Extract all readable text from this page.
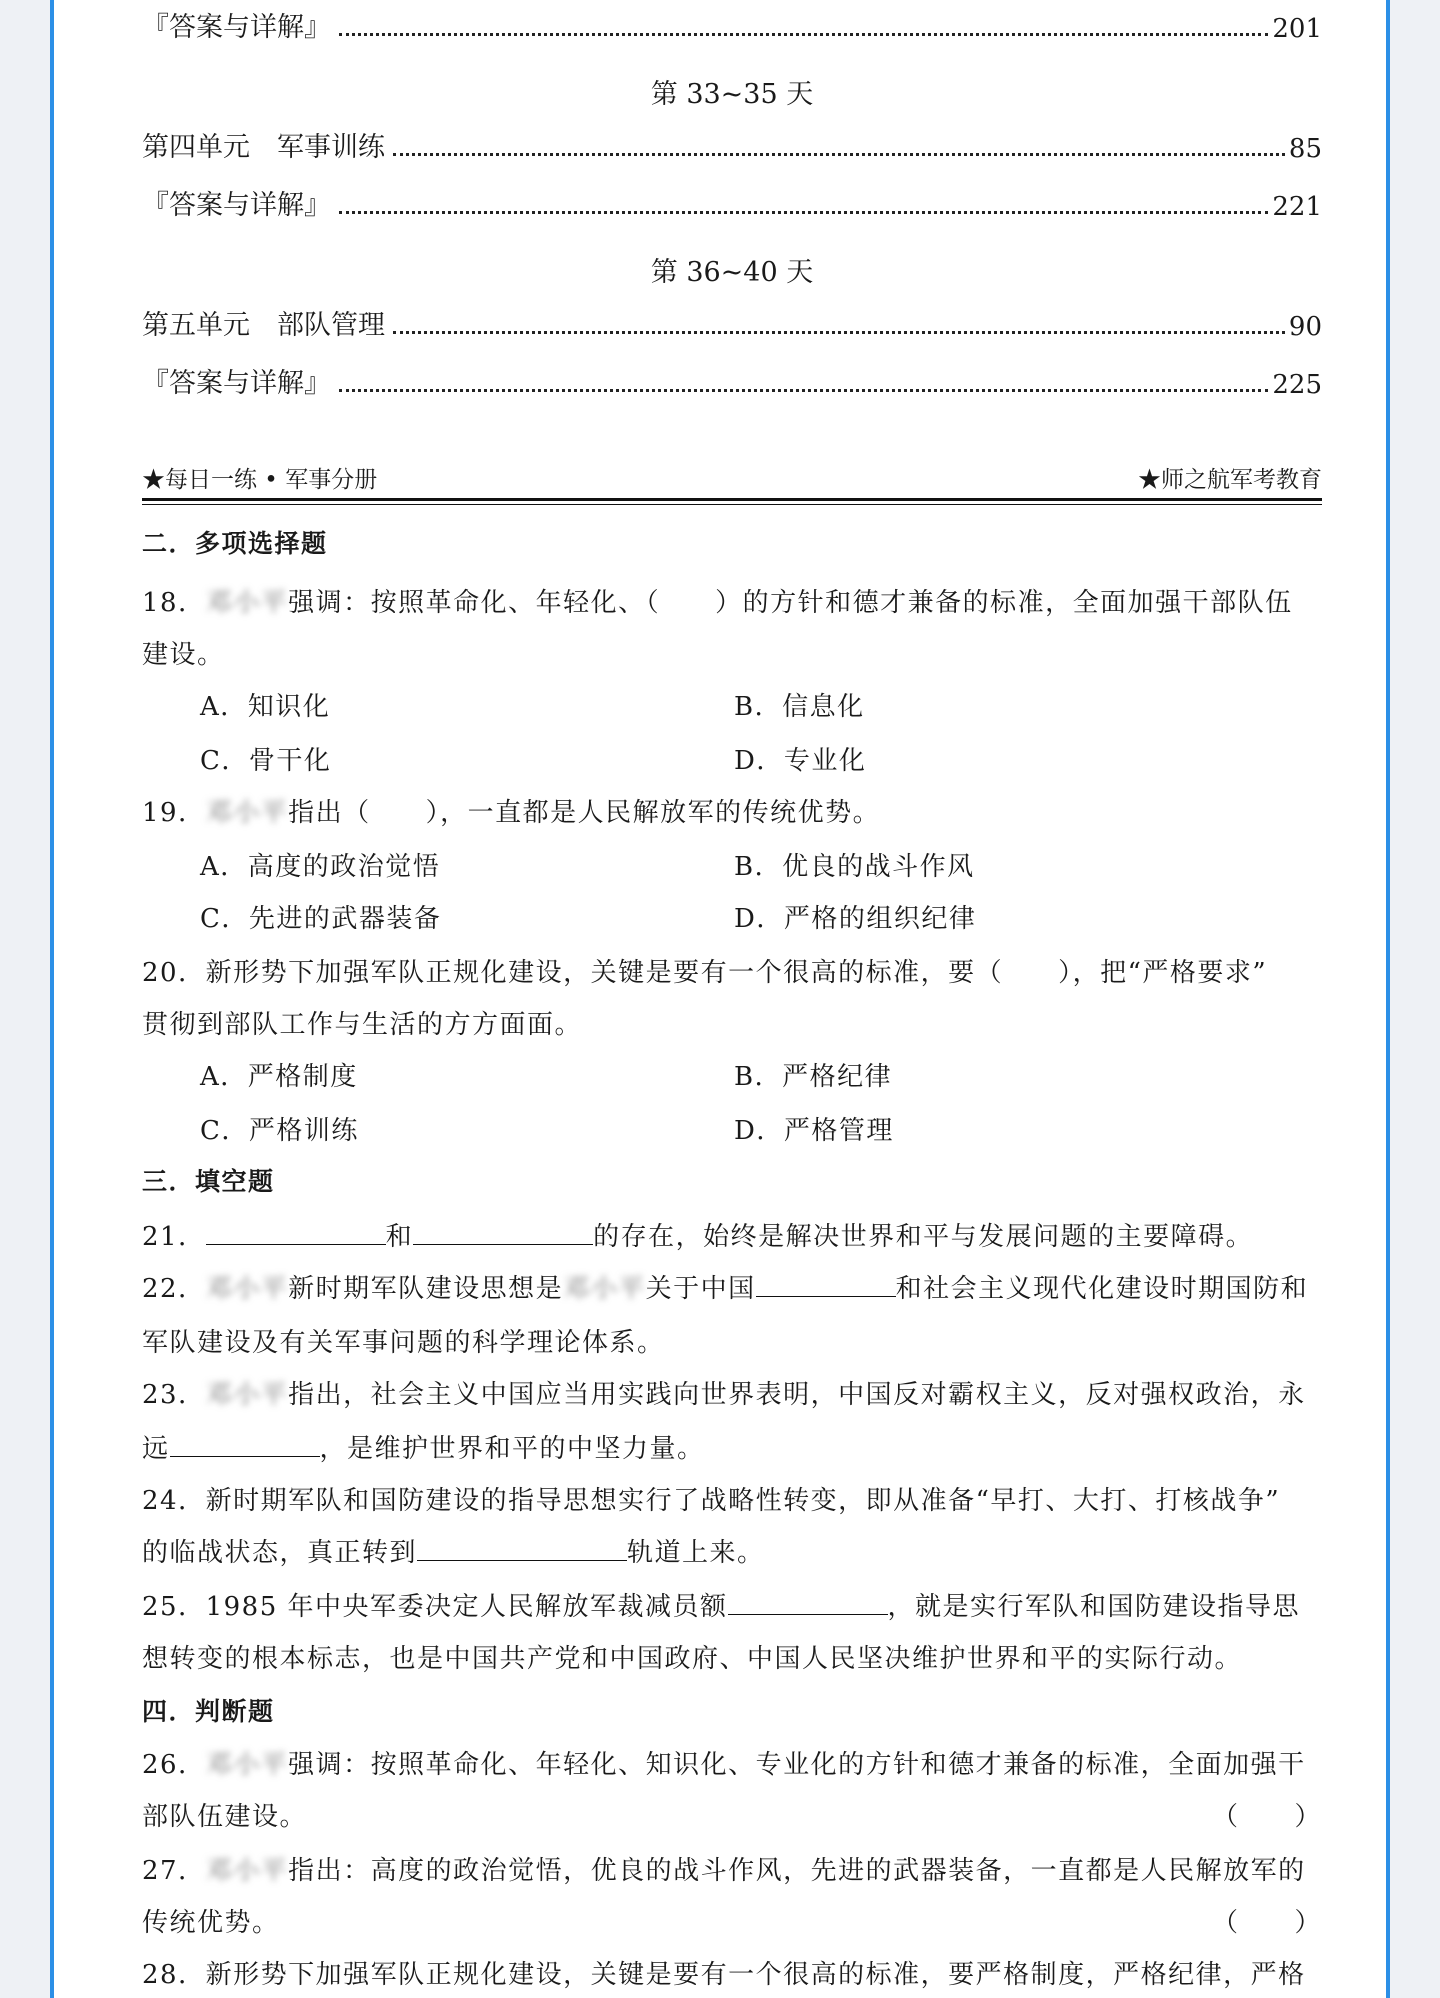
『答案与详解』	201
第 33~35 天
第四单元　军事训练	85
『答案与详解』	221
第 36~40 天
第五单元　部队管理	90
『答案与详解』	225
★每日一练 • 军事分册	★师之航军考教育
二．多项选择题
18．邓小平强调：按照革命化、年轻化、（　　）的方针和德才兼备的标准，全面加强干部队伍
建设。
A．知识化	B．信息化
C．骨干化	D．专业化
19．邓小平指出（　　），一直都是人民解放军的传统优势。
A．高度的政治觉悟	B．优良的战斗作风
C．先进的武器装备	D．严格的组织纪律
20．新形势下加强军队正规化建设，关键是要有一个很高的标准，要（　　），把“严格要求”
贯彻到部队工作与生活的方方面面。
A．严格制度	B．严格纪律
C．严格训练	D．严格管理
三．填空题
21．	和	的存在，始终是解决世界和平与发展问题的主要障碍。
22．邓小平新时期军队建设思想是邓小平关于中国	和社会主义现代化建设时期国防和
军队建设及有关军事问题的科学理论体系。
23．邓小平指出，社会主义中国应当用实践向世界表明，中国反对霸权主义，反对强权政治，永
远	，是维护世界和平的中坚力量。
24．新时期军队和国防建设的指导思想实行了战略性转变，即从准备“早打、大打、打核战争”
的临战状态，真正转到	轨道上来。
25．1985 年中央军委决定人民解放军裁减员额	，就是实行军队和国防建设指导思
想转变的根本标志，也是中国共产党和中国政府、中国人民坚决维护世界和平的实际行动。
四．判断题
26．邓小平强调：按照革命化、年轻化、知识化、专业化的方针和德才兼备的标准，全面加强干
部队伍建设。	（　　）
27．邓小平指出：高度的政治觉悟，优良的战斗作风，先进的武器装备，一直都是人民解放军的
传统优势。	（　　）
28．新形势下加强军队正规化建设，关键是要有一个很高的标准，要严格制度，严格纪律，严格
